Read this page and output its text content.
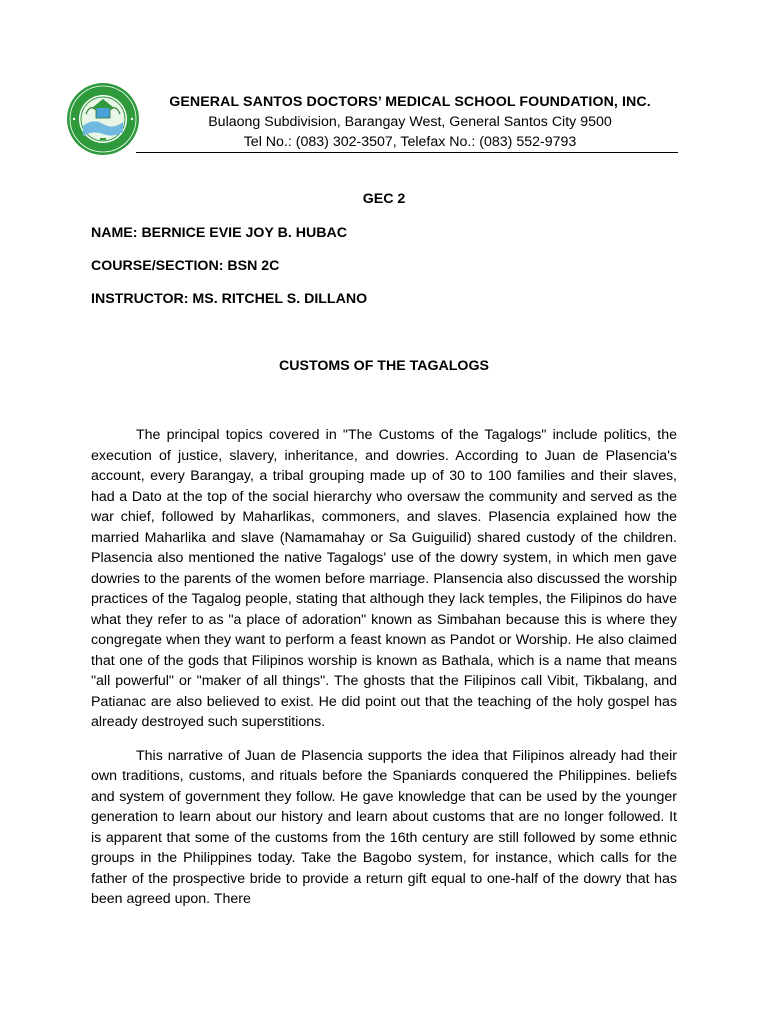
GENERAL SANTOS DOCTORS’ MEDICAL SCHOOL FOUNDATION, INC.
Bulaong Subdivision, Barangay West, General Santos City 9500
Tel No.: (083) 302-3507, Telefax No.: (083) 552-9793
GEC 2
NAME: BERNICE EVIE JOY B. HUBAC
COURSE/SECTION: BSN 2C
INSTRUCTOR: MS. RITCHEL S. DILLANO
CUSTOMS OF THE TAGALOGS

The principal topics covered in "The Customs of the Tagalogs" include politics, the execution of justice, slavery, inheritance, and dowries. According to Juan de Plasencia's account, every Barangay, a tribal grouping made up of 30 to 100 families and their slaves, had a Dato at the top of the social hierarchy who oversaw the community and served as the war chief, followed by Maharlikas, commoners, and slaves. Plasencia explained how the married Maharlika and slave (Namamahay or Sa Guiguilid) shared custody of the children. Plasencia also mentioned the native Tagalogs' use of the dowry system, in which men gave dowries to the parents of the women before marriage. Plansencia also discussed the worship practices of the Tagalog people, stating that although they lack temples, the Filipinos do have what they refer to as "a place of adoration" known as Simbahan because this is where they congregate when they want to perform a feast known as Pandot or Worship. He also claimed that one of the gods that Filipinos worship is known as Bathala, which is a name that means "all powerful" or "maker of all things". The ghosts that the Filipinos call Vibit, Tikbalang, and Patianac are also believed to exist. He did point out that the teaching of the holy gospel has already destroyed such superstitions.

This narrative of Juan de Plasencia supports the idea that Filipinos already had their own traditions, customs, and rituals before the Spaniards conquered the Philippines. beliefs and system of government they follow. He gave knowledge that can be used by the younger generation to learn about our history and learn about customs that are no longer followed. It is apparent that some of the customs from the 16th century are still followed by some ethnic groups in the Philippines today. Take the Bagobo system, for instance, which calls for the father of the prospective bride to provide a return gift equal to one-half of the dowry that has been agreed upon. There
